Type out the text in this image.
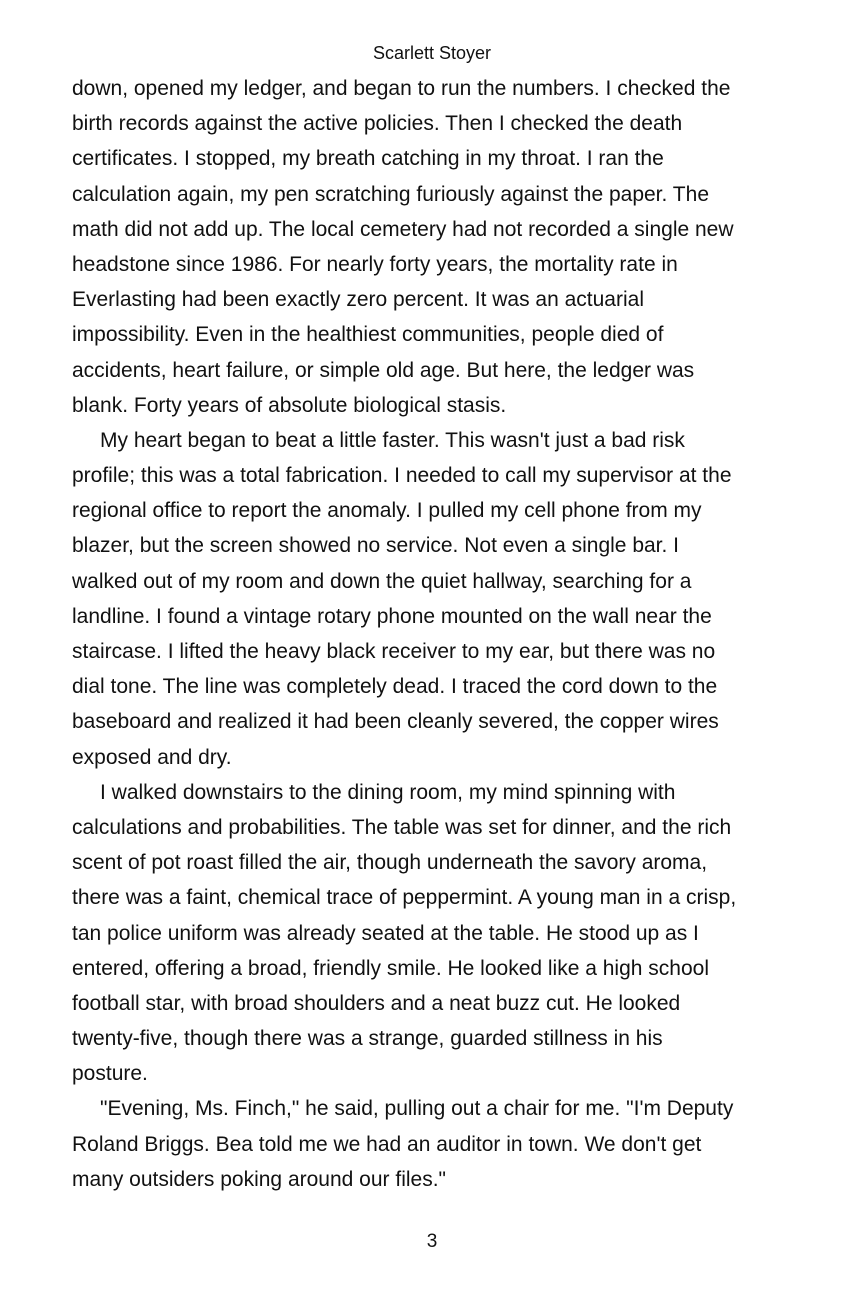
Scarlett Stoyer
down, opened my ledger, and began to run the numbers. I checked the
birth records against the active policies. Then I checked the death
certificates. I stopped, my breath catching in my throat. I ran the
calculation again, my pen scratching furiously against the paper. The
math did not add up. The local cemetery had not recorded a single new
headstone since 1986. For nearly forty years, the mortality rate in
Everlasting had been exactly zero percent. It was an actuarial
impossibility. Even in the healthiest communities, people died of
accidents, heart failure, or simple old age. But here, the ledger was
blank. Forty years of absolute biological stasis.
My heart began to beat a little faster. This wasn't just a bad risk
profile; this was a total fabrication. I needed to call my supervisor at the
regional office to report the anomaly. I pulled my cell phone from my
blazer, but the screen showed no service. Not even a single bar. I
walked out of my room and down the quiet hallway, searching for a
landline. I found a vintage rotary phone mounted on the wall near the
staircase. I lifted the heavy black receiver to my ear, but there was no
dial tone. The line was completely dead. I traced the cord down to the
baseboard and realized it had been cleanly severed, the copper wires
exposed and dry.
I walked downstairs to the dining room, my mind spinning with
calculations and probabilities. The table was set for dinner, and the rich
scent of pot roast filled the air, though underneath the savory aroma,
there was a faint, chemical trace of peppermint. A young man in a crisp,
tan police uniform was already seated at the table. He stood up as I
entered, offering a broad, friendly smile. He looked like a high school
football star, with broad shoulders and a neat buzz cut. He looked
twenty-five, though there was a strange, guarded stillness in his
posture.
"Evening, Ms. Finch," he said, pulling out a chair for me. "I'm Deputy
Roland Briggs. Bea told me we had an auditor in town. We don't get
many outsiders poking around our files."
3
